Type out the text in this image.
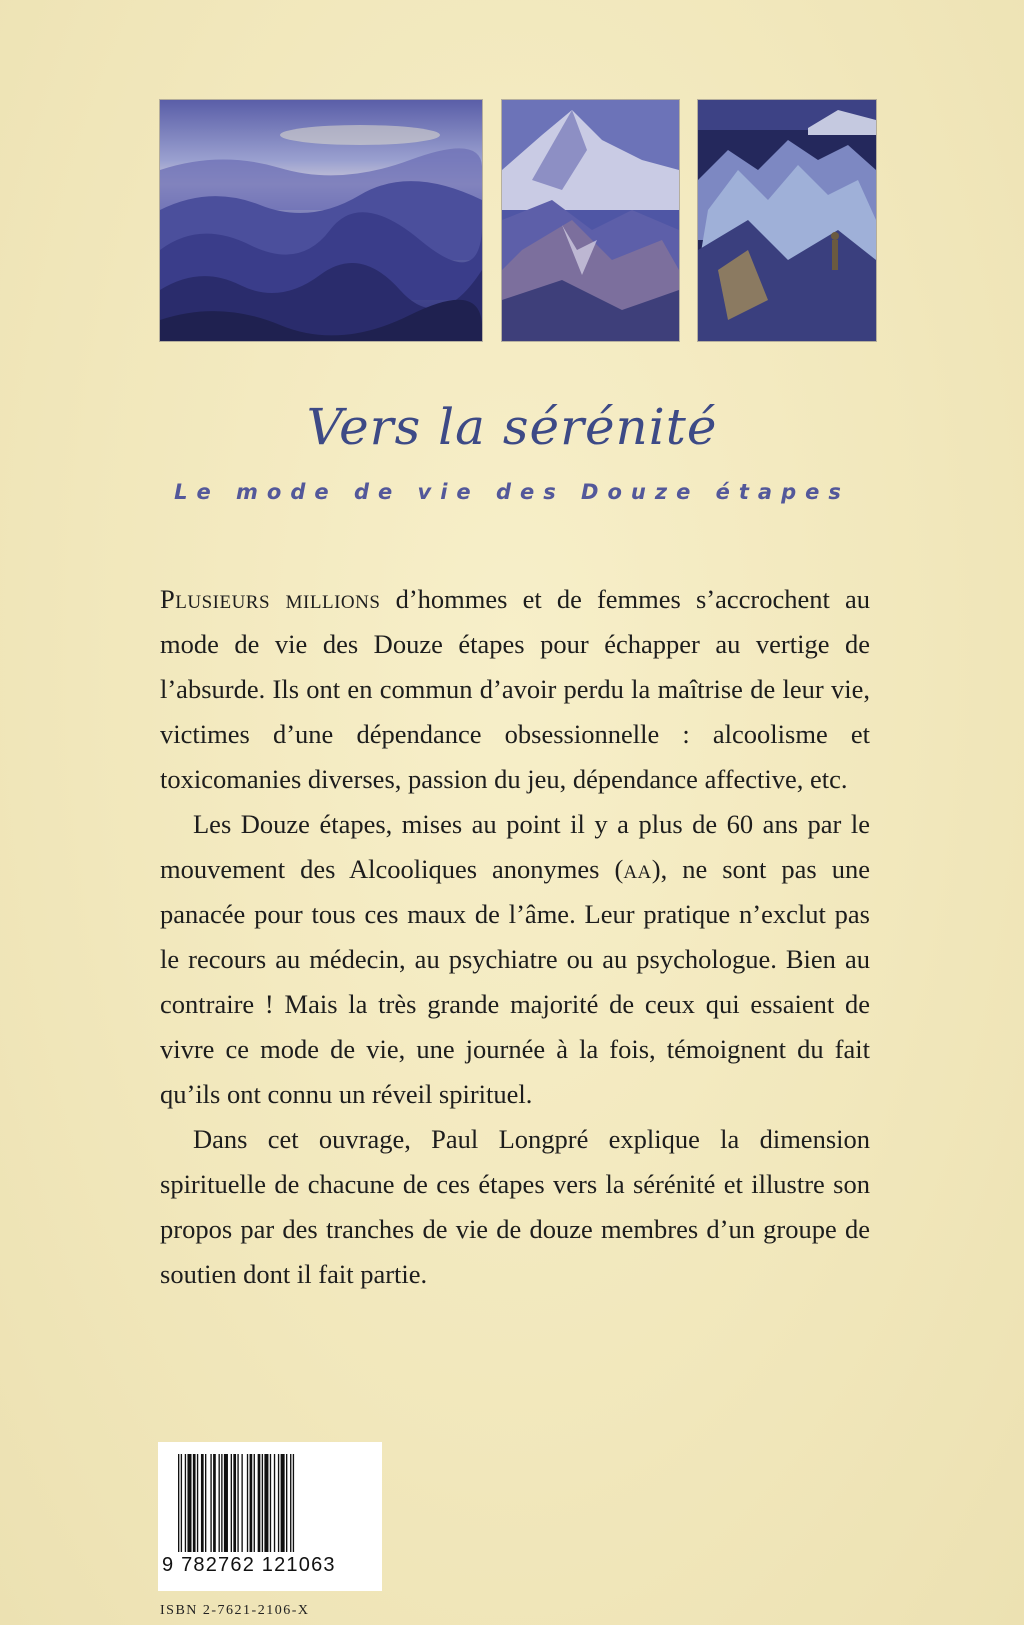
Vers la sérénité
Le mode de vie des Douze étapes

Plusieurs millions d’hommes et de femmes s’accrochent au mode de vie des Douze étapes pour échapper au vertige de l’absurde. Ils ont en commun d’avoir perdu la maîtrise de leur vie, victimes d’une dépendance obsessionnelle : alcoolisme et toxicomanies diverses, passion du jeu, dépendance affective, etc.

Les Douze étapes, mises au point il y a plus de 60 ans par le mouvement des Alcooliques anonymes (aa), ne sont pas une panacée pour tous ces maux de l’âme. Leur pratique n’exclut pas le recours au médecin, au psychiatre ou au psychologue. Bien au contraire ! Mais la très grande majorité de ceux qui essaient de vivre ce mode de vie, une journée à la fois, témoignent du fait qu’ils ont connu un réveil spirituel.

Dans cet ouvrage, Paul Longpré explique la dimension spirituelle de chacune de ces étapes vers la sérénité et illustre son propos par des tranches de vie de douze membres d’un groupe de soutien dont il fait partie.

9 782762 121063
ISBN 2-7621-2106-X
